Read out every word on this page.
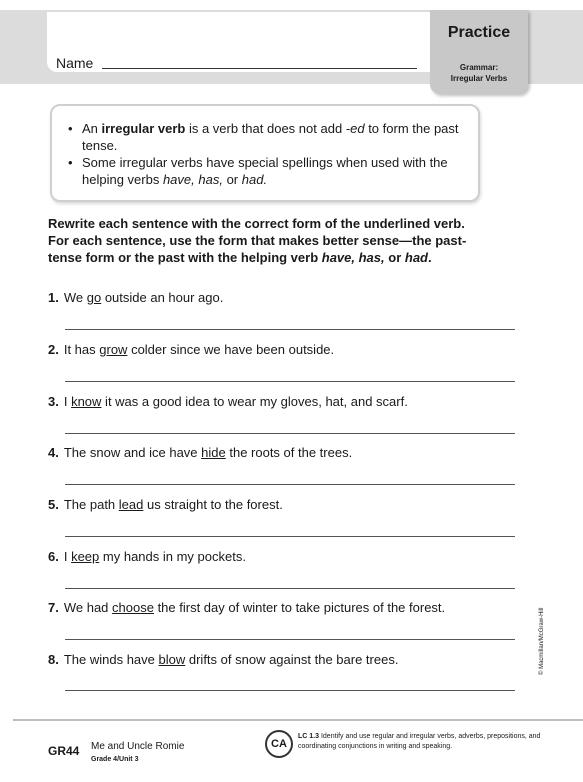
Name
Practice
Grammar:
Irregular Verbs
• An irregular verb is a verb that does not add -ed to form the past tense.
• Some irregular verbs have special spellings when used with the helping verbs have, has, or had.
Rewrite each sentence with the correct form of the underlined verb. For each sentence, use the form that makes better sense—the past-tense form or the past with the helping verb have, has, or had.
1. We go outside an hour ago.
2. It has grow colder since we have been outside.
3. I know it was a good idea to wear my gloves, hat, and scarf.
4. The snow and ice have hide the roots of the trees.
5. The path lead us straight to the forest.
6. I keep my hands in my pockets.
7. We had choose the first day of winter to take pictures of the forest.
8. The winds have blow drifts of snow against the bare trees.	© Macmillan/McGraw-Hill
GR44 Me and Uncle Romie
Grade 4/Unit 3
CA
LC 1.3 Identify and use regular and irregular verbs, adverbs, prepositions, and coordinating conjunctions in writing and speaking.
